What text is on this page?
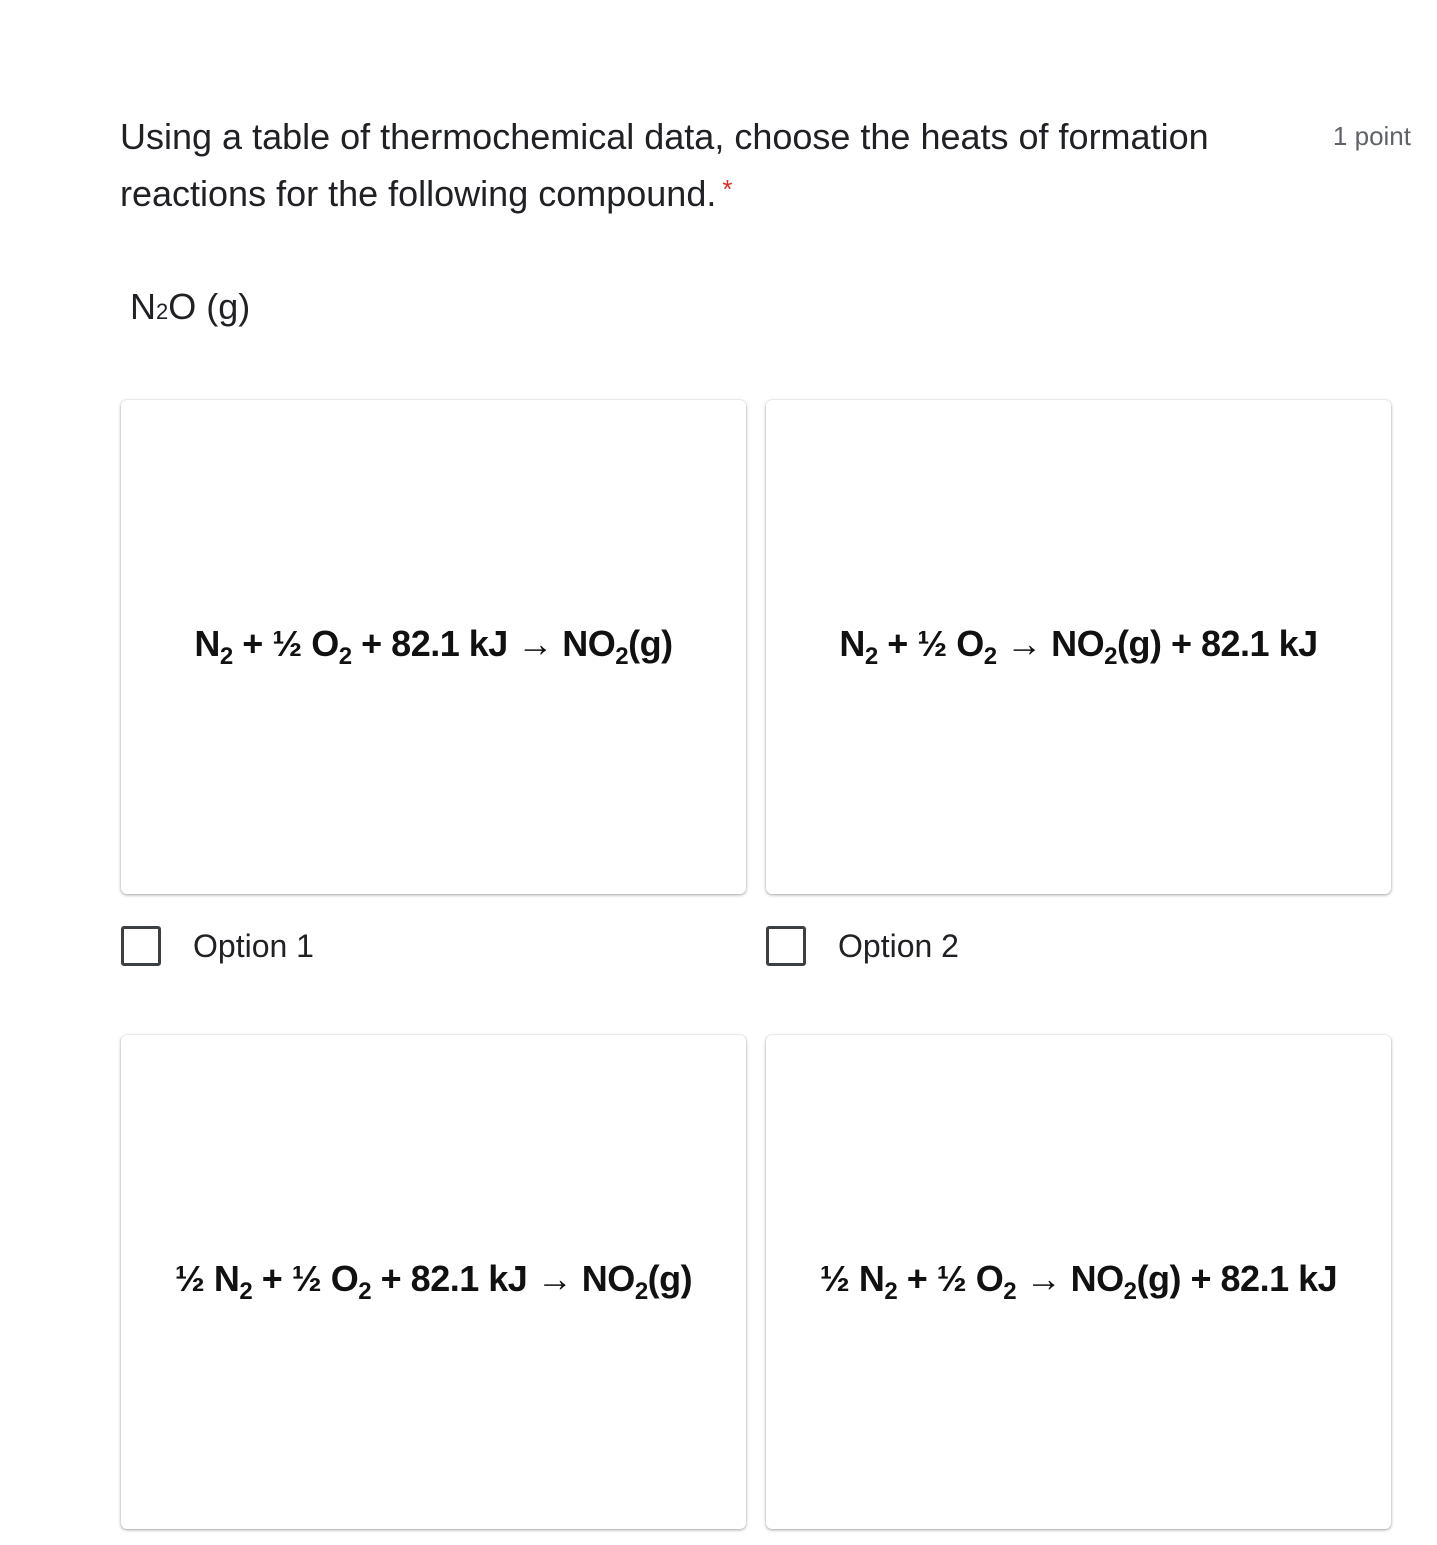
Using a table of thermochemical data, choose the heats of formation reactions for the following compound. *
1 point
N2O (g)
$N_2$ + ½ $O_2 + 82.1$ kJ → $NO_2(g)$
Option 1
$N_2$ + ½ $O_2 \to NO_2(g) + 82.1$ kJ
Option 2
½ $N_2$ + ½ $O_2 + 82.1$ kJ → $NO_2(g)$	½ $N_2$ + ½ $O_2 \to NO_2(g) + 82.1$ kJ
